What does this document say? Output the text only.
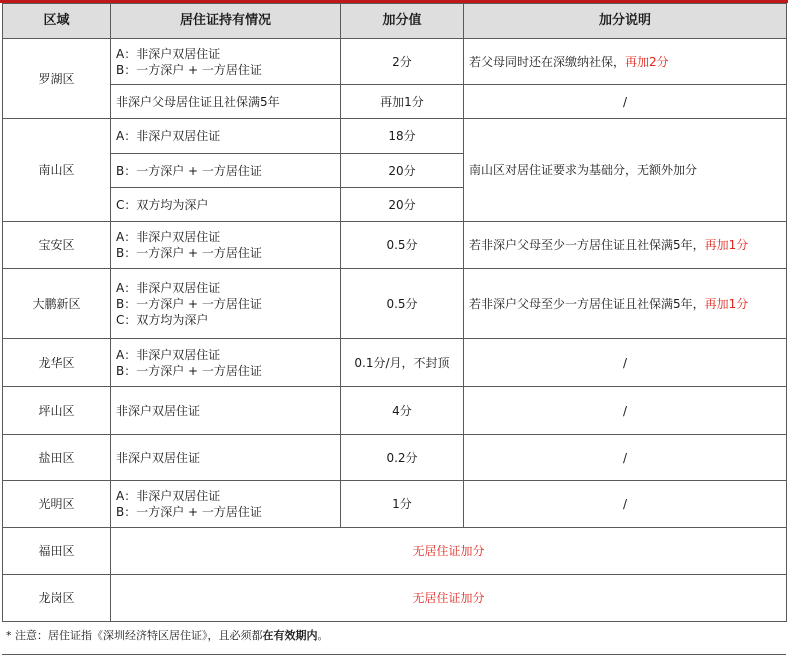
区域	居住证持有情况	加分值	加分说明
罗湖区	A：非深户双居住证
B：一方深户 + 一方居住证	2分	若父母同时还在深缴纳社保，再加2分
	非深户父母居住证且社保满5年	再加1分	/
南山区	A：非深户双居住证	18分	南山区对居住证要求为基础分，无额外加分
	B：一方深户 + 一方居住证	20分	
	C：双方均为深户	20分	
宝安区	A：非深户双居住证
B：一方深户 + 一方居住证	0.5分	若非深户父母至少一方居住证且社保满5年，再加1分
大鹏新区	A：非深户双居住证
B：一方深户 + 一方居住证
C：双方均为深户	0.5分	若非深户父母至少一方居住证且社保满5年，再加1分
龙华区	A：非深户双居住证
B：一方深户 + 一方居住证	0.1分/月，不封顶	/
坪山区	非深户双居住证	4分	/
盐田区	非深户双居住证	0.2分	/
光明区	A：非深户双居住证
B：一方深户 + 一方居住证	1分	/
福田区	无居住证加分		
龙岗区	无居住证加分		
* 注意：居住证指《深圳经济特区居住证》，且必须都在有效期内。
